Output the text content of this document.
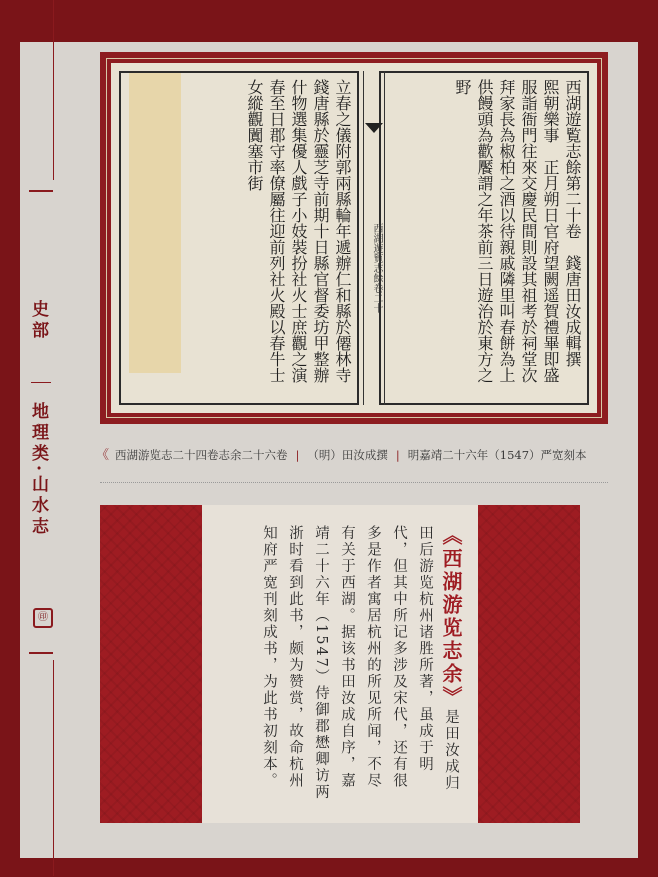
史部
地理类·山水志
㊞
西湖遊覧志餘第二十卷　錢唐田汝成輯撰　熙朝樂事　正月朔日官府望闕遥賀禮畢即盛服詣衙門往來交慶民間則設其祖考於祠堂次拜家長為椒柏之酒以待親戚隣里叫春餅為上供饅頭為歡饜謂之年茶前三日遊治於東方之野
西湖遊覧志餘卷二十
立春之儀附郭兩縣輪年遞辦仁和縣於僊林寺錢唐縣於靈芝寺前期十日縣官督委坊甲整辦什物選集優人戲子小妓裝扮社火士庶觀之演春至日郡守率僚屬往迎前列社火殿以春牛士女縱觀闐塞市街
《 西湖游览志二十四卷志余二十六卷 | （明）田汝成撰 | 明嘉靖二十六年（1547）严宽刻本
《西湖游览志余》是田汝成归田后游览杭州诸胜所著，虽成于明代，但其中所记多涉及宋代，还有很多是作者寓居杭州的所见所闻，不尽有关于西湖。据该书田汝成自序，嘉靖二十六年（1547）侍御郡懋卿访两浙时看到此书，颇为赞赏，故命杭州知府严宽刊刻成书，为此书初刻本。
